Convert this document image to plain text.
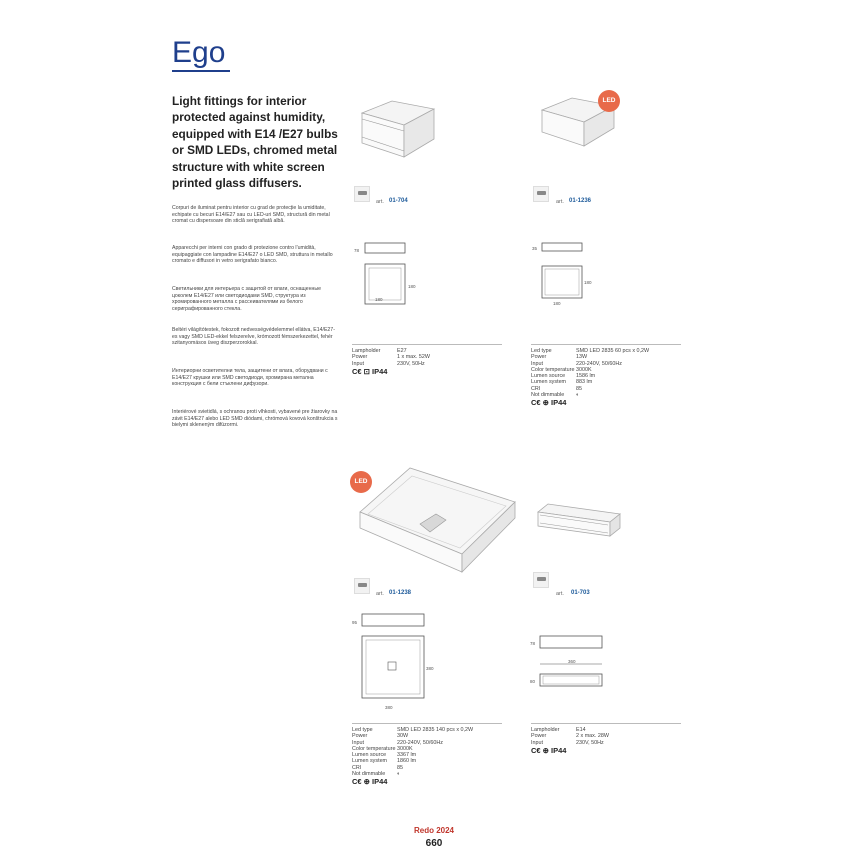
Ego
Light fittings for interior protected against humidity, equipped with E14 /E27 bulbs or SMD LEDs, chromed metal structure with white screen printed glass diffusers.
Corpuri de iluminat pentru interior cu grad de protecție la umiditate, echipate cu becuri E14/E27 sau cu LED-uri SMD, structură din metal cromat cu dispersoare din sticlă serigrafiată albă.
Apparecchi per interni con grado di protezione contro l'umidità, equipaggiate con lampadine E14/E27 o LED SMD, struttura in metallo cromato e diffusori in vetro serigrafato bianco.
Светильники для интерьера с защитой от влаги, оснащенные цоколем E14/E27 или светодиодами SMD, структура из хромированного металла с рассеивателями из белого сериграфированного стекла.
Beltéri világítótestek, fokozott nedvességvédelemmel ellátva, E14/E27-es vagy SMD LED-ekkel felszerelve, krómozott fémszerkezettel, fehér szitanyomásos üveg diszperzorokkal.
Интериорни осветителни тела, защитени от влага, оборудвани с E14/E27 крушки или SMD светодиоди, хромирана метална конструкция с бели стъклени дифузори.
Interiérové svietidlá, s ochranou proti vlhkosti, vybavené pre žiarovky na závit E14/E27 alebo LED SMD diódami, chrómová kovová konštrukcia s bielymi skleneným difúzormi.
art. 01-704
78
180
180
Lampholder	E27
Power	1 x max. 52W
Input	230V, 50Hz
C€ ⊡ IP44
LED
art. 01-1236
35
180
180
Led type	SMD LED 2835 60 pcs x 0,2W
Power	13W
Input	220-240V, 50/60Hz
Color temperature 3000K
Lumen source	1586 lm
Lumen system	883 lm
CRI	85
Not dimmable	◐
C€ ⊕ IP44
LED
art. 01-1238
95
380
380
Led type	SMD LED 2835 140 pcs x 0,2W
Power	30W
Input	220-240V, 50/60Hz
Color temperature 3000K
Lumen source	3367 lm
Lumen system	1860 lm
CRI	85
Not dimmable	◐
C€ ⊕ IP44
art. 01-703
78
80
360
Lampholder	E14
Power	2 x max. 28W
Input	230V, 50Hz
C€ ⊕ IP44
Redo 2024
660
